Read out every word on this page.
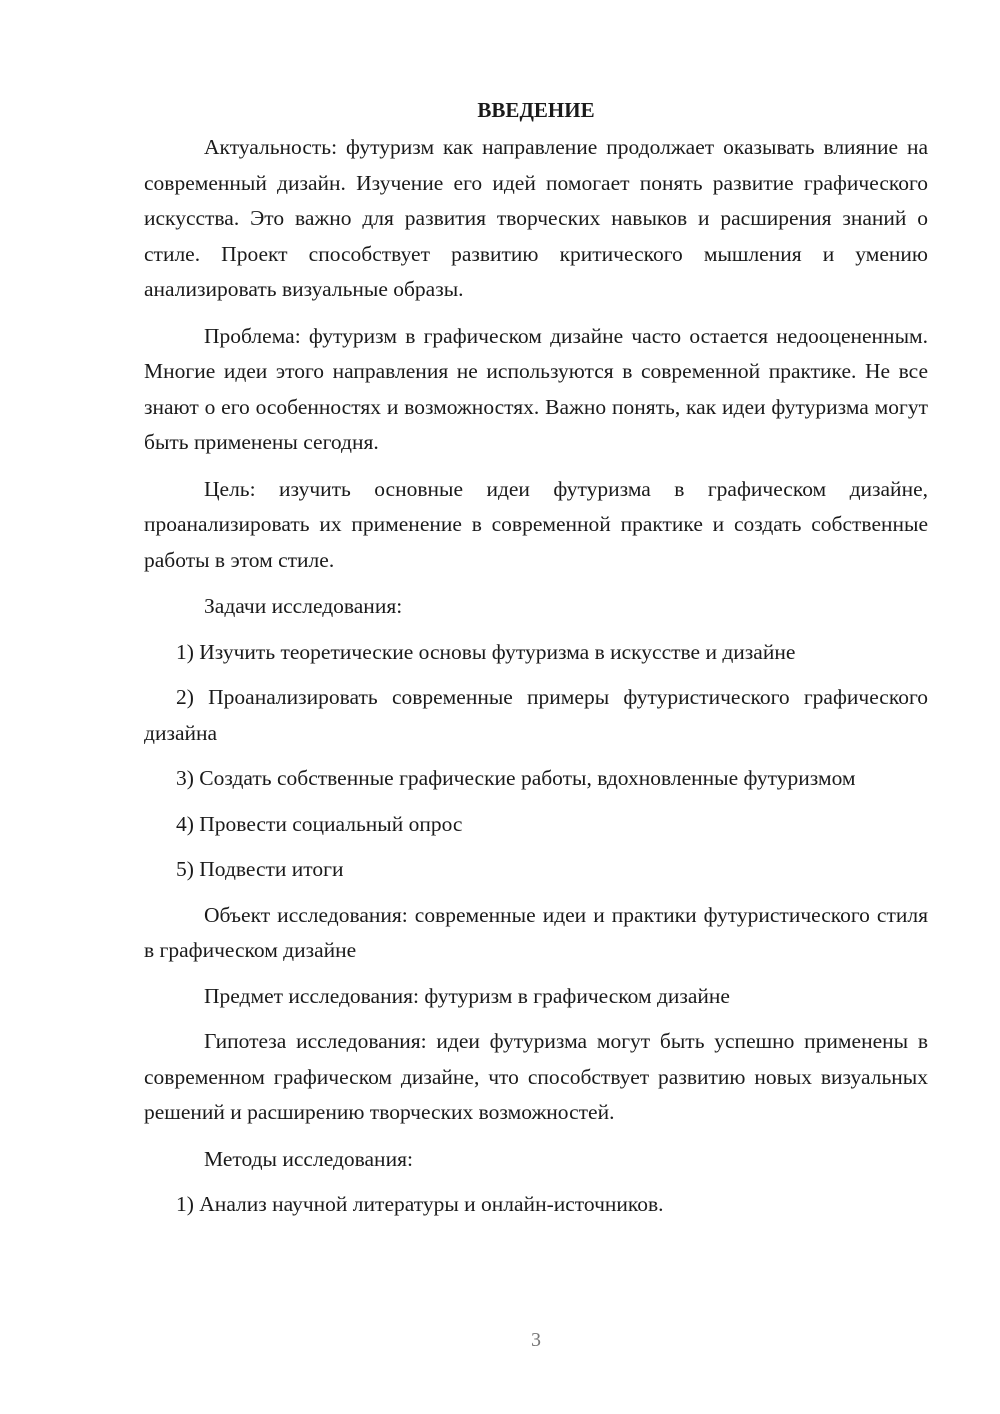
ВВЕДЕНИЕ

Актуальность: футуризм как направление продолжает оказывать влияние на современный дизайн. Изучение его идей помогает понять развитие графического искусства. Это важно для развития творческих навыков и расширения знаний о стиле. Проект способствует развитию критического мышления и умению анализировать визуальные образы.

Проблема: футуризм в графическом дизайне часто остается недооцененным. Многие идеи этого направления не используются в современной практике. Не все знают о его особенностях и возможностях. Важно понять, как идеи футуризма могут быть применены сегодня.

Цель: изучить основные идеи футуризма в графическом дизайне, проанализировать их применение в современной практике и создать собственные работы в этом стиле.

Задачи исследования:

1) Изучить теоретические основы футуризма в искусстве и дизайне

2) Проанализировать современные примеры футуристического графического дизайна

3) Создать собственные графические работы, вдохновленные футуризмом

4) Провести социальный опрос

5) Подвести итоги

Объект исследования: современные идеи и практики футуристического стиля в графическом дизайне

Предмет исследования: футуризм в графическом дизайне

Гипотеза исследования: идеи футуризма могут быть успешно применены в современном графическом дизайне, что способствует развитию новых визуальных решений и расширению творческих возможностей.

Методы исследования:

1) Анализ научной литературы и онлайн-источников.

3
